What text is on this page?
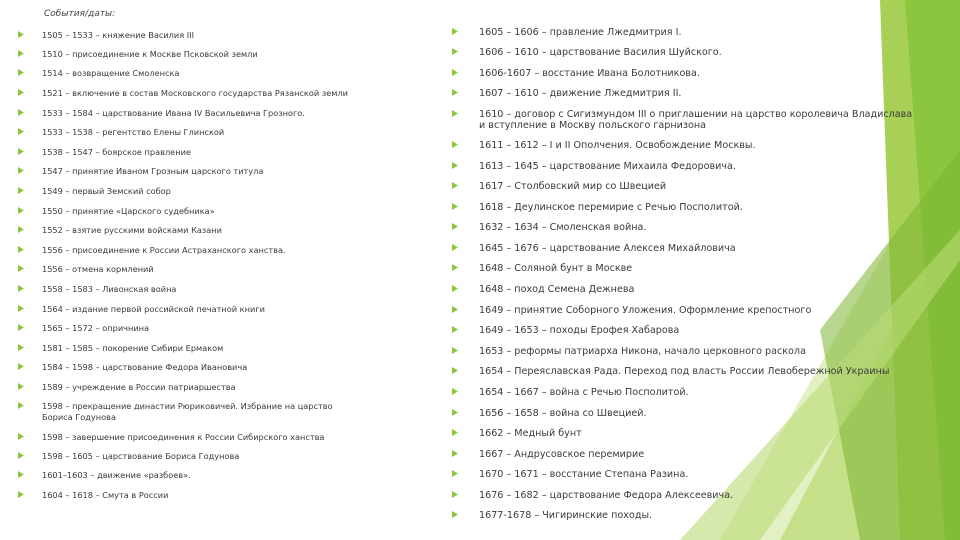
События/даты:
1505 – 1533 – княжение Василия III
1510 – присоединение к Москве Псковской земли
1514 – возвращение Смоленска
1521 – включение в состав Московского государства Рязанской земли
1533 – 1584 – царствование Ивана IV Васильевича Грозного.
1533 – 1538 – регентство Елены Глинской
1538 – 1547 – боярское правление
1547 – принятие Иваном Грозным царского титула
1549 – первый Земский собор
1550 – принятие «Царского судебника»
1552 – взятие русскими войсками Казани
1556 – присоединение к России Астраханского ханства.
1556 – отмена кормлений
1558 – 1583 – Ливонская война
1564 – издание первой российской печатной книги
1565 – 1572 – опричнина
1581 – 1585 – покорение Сибири Ермаком
1584 – 1598 – царствование Федора Ивановича
1589 – учреждение в России патриаршества
1598 – прекращение династии Рюриковичей. Избрание на царство Бориса Годунова
1598 – завершение присоединения к России Сибирского ханства
1598 – 1605 – царствование Бориса Годунова
1601–1603 – движение «разбоев».
1604 – 1618 – Смута в России
1605 – 1606 – правление Лжедмитрия I.
1606 – 1610 – царствование Василия Шуйского.
1606-1607 – восстание Ивана Болотникова.
1607 – 1610 – движение Лжедмитрия II.
1610 – договор с Сигизмундом III о приглашении на царство королевича Владислава и вступление в Москву польского гарнизона
1611 – 1612 – I и II Ополчения. Освобождение Москвы.
1613 – 1645 – царствование Михаила Федоровича.
1617 – Столбовский мир со Швецией
1618 – Деулинское перемирие с Речью Посполитой.
1632 – 1634 – Смоленская война.
1645 – 1676 – царствование Алексея Михайловича
1648 – Соляной бунт в Москве
1648 – поход Семена Дежнева
1649 – принятие Соборного Уложения. Оформление крепостного
1649 – 1653 – походы Ерофея Хабарова
1653 – реформы патриарха Никона, начало церковного раскола
1654 – Переяславская Рада. Переход под власть России Левобережной Украины
1654 – 1667 – война с Речью Посполитой.
1656 – 1658 – война со Швецией.
1662 – Медный бунт
1667 – Андрусовское перемирие
1670 – 1671 – восстание Степана Разина.
1676 – 1682 – царствование Федора Алексеевича.
1677-1678 – Чигиринские походы.
